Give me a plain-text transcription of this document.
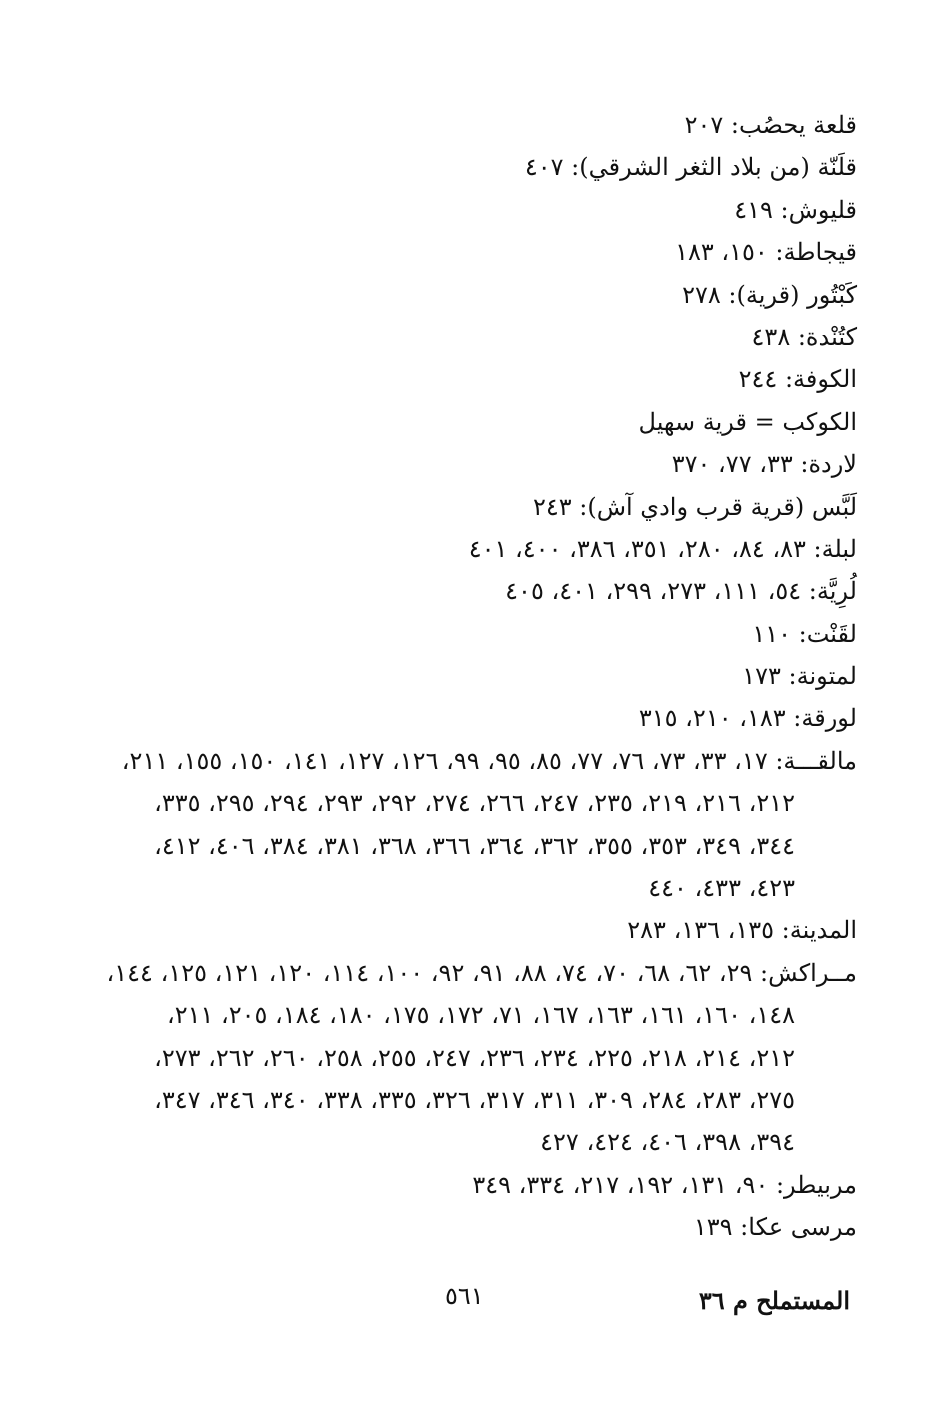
قلعة يحصُب: ٢٠٧
قلَنّة (من بلاد الثغر الشرقي): ٤٠٧
قليوش: ٤١٩
قيجاطة: ١٥٠، ١٨٣
كَبْتُور (قرية): ٢٧٨
كتُنْدة: ٤٣٨
الكوفة: ٢٤٤
الكوكب = قرية سهيل
لاردة: ٣٣، ٧٧، ٣٧٠
لَبَّس (قرية قرب وادي آش): ٢٤٣
لبلة: ٨٣، ٨٤، ٢٨٠، ٣٥١، ٣٨٦، ٤٠٠، ٤٠١
لُرِيَّة: ٥٤، ١١١، ٢٧٣، ٢٩٩، ٤٠١، ٤٠٥
لقَنْت: ١١٠
لمتونة: ١٧٣
لورقة: ١٨٣، ٢١٠، ٣١٥
مالقـــة: ١٧، ٣٣، ٧٣، ٧٦، ٧٧، ٨٥، ٩٥، ٩٩، ١٢٦، ١٢٧، ١٤١، ١٥٠، ١٥٥، ٢١١،
٢١٢، ٢١٦، ٢١٩، ٢٣٥، ٢٤٧، ٢٦٦، ٢٧٤، ٢٩٢، ٢٩٣، ٢٩٤، ٢٩٥، ٣٣٥،
٣٤٤، ٣٤٩، ٣٥٣، ٣٥٥، ٣٦٢، ٣٦٤، ٣٦٦، ٣٦٨، ٣٨١، ٣٨٤، ٤٠٦، ٤١٢،
٤٢٣، ٤٣٣، ٤٤٠
المدينة: ١٣٥، ١٣٦، ٢٨٣
مــراكش: ٢٩، ٦٢، ٦٨، ٧٠، ٧٤، ٨٨، ٩١، ٩٢، ١٠٠، ١١٤، ١٢٠، ١٢١، ١٢٥، ١٤٤،
١٤٨، ١٦٠، ١٦١، ١٦٣، ١٦٧، ٧١، ١٧٢، ١٧٥، ١٨٠، ١٨٤، ٢٠٥، ٢١١،
٢١٢، ٢١٤، ٢١٨، ٢٢٥، ٢٣٤، ٢٣٦، ٢٤٧، ٢٥٥، ٢٥٨، ٢٦٠، ٢٦٢، ٢٧٣،
٢٧٥، ٢٨٣، ٢٨٤، ٣٠٩، ٣١١، ٣١٧، ٣٢٦، ٣٣٥، ٣٣٨، ٣٤٠، ٣٤٦، ٣٤٧،
٣٩٤، ٣٩٨، ٤٠٦، ٤٢٤، ٤٢٧
مربيطر: ٩٠، ١٣١، ١٩٢، ٢١٧، ٣٣٤، ٣٤٩
مرسى عكا: ١٣٩
المستملح م ٣٦
٥٦١
